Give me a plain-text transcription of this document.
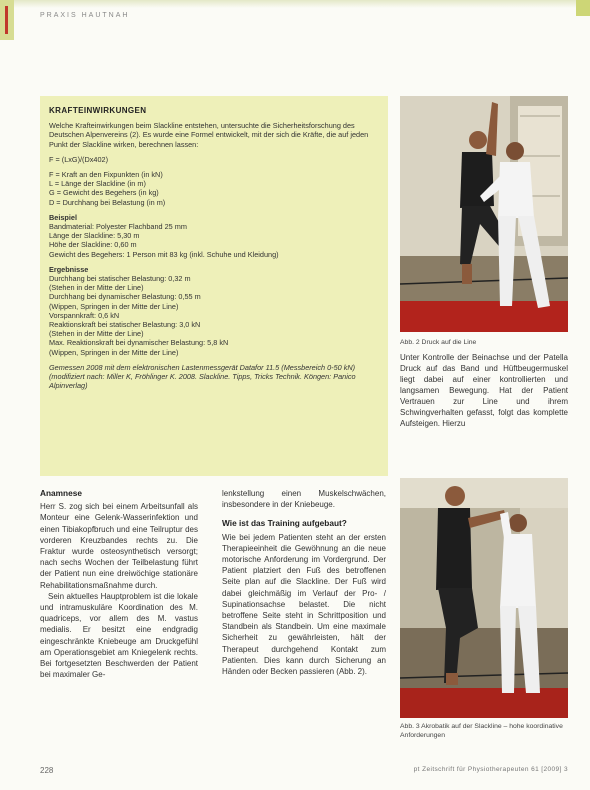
PRAXIS HAUTNAH
KRAFTEINWIRKUNGEN

Welche Krafteinwirkungen beim Slackline entstehen, untersuchte die Sicherheitsforschung des Deutschen Alpenvereins (2). Es wurde eine Formel entwickelt, mit der sich die Kräfte, die auf jeden Punkt der Slackline wirken, berechnen lassen:

F = (LxG)/(Dx402)

F = Kraft an den Fixpunkten (in kN)
L = Länge der Slackline (in m)
G = Gewicht des Begehers (in kg)
D = Durchhang bei Belastung (in m)

Beispiel
Bandmaterial: Polyester Flachband 25 mm
Länge der Slackline: 5,30 m
Höhe der Slackline: 0,60 m
Gewicht des Begehers: 1 Person mit 83 kg (inkl. Schuhe und Kleidung)

Ergebnisse
Durchhang bei statischer Belastung: 0,32 m
(Stehen in der Mitte der Line)
Durchhang bei dynamischer Belastung: 0,55 m
(Wippen, Springen in der Mitte der Line)
Vorspannkraft: 0,6 kN
Reaktionskraft bei statischer Belastung: 3,0 kN
(Stehen in der Mitte der Line)
Max. Reaktionskraft bei dynamischer Belastung: 5,8 kN
(Wippen, Springen in der Mitte der Line)

Gemessen 2008 mit dem elektronischen Lastenmessgerät Datafor 11.5 (Messbereich 0-50 kN) (modifiziert nach: Miller K, Fröhlinger K. 2008. Slackline. Tipps, Tricks Technik. Köngen: Panico Alpinverlag)

Abb. 2 Druck auf die Line
Unter Kontrolle der Beinachse und der Patella Druck auf das Band und Hüftbeugermuskel liegt dabei auf einer kontrollierten und langsamen Bewegung. Hat der Patient Vertrauen zur Line und ihrem Schwingverhalten gefasst, folgt das komplette Aufsteigen. Hierzu
Abb. 3 Akrobatik auf der Slackline – hohe koordinative Anforderungen
Anamnese

Herr S. zog sich bei einem Arbeitsunfall als Monteur eine Gelenk-Wasserinfektion und einen Tibiakopfbruch und eine Teilruptur des vorderen Kreuzbandes rechts zu. Die Fraktur wurde osteosynthetisch versorgt; nach sechs Wochen der Teilbelastung führt der Patient nun eine dreiwöchige stationäre Rehabilitationsmaßnahme durch.

Sein aktuelles Hauptproblem ist die lokale und intramuskuläre Koordination des M. quadriceps, vor allem des M. vastus medialis. Er besitzt eine endgradig eingeschränkte Kniebeuge am Druckgefühl am Operationsgebiet am Kniegelenk rechts. Bei fortgesetzten Beschwerden der Patient bei maximaler Ge-

lenkstellung einen Muskelschwächen, insbesondere in der Kniebeuge.

Wie ist das Training aufgebaut?

Wie bei jedem Patienten steht an der ersten Therapieeinheit die Gewöhnung an die neue motorische Anforderung im Vordergrund. Der Patient platziert den Fuß des betroffenen Seite plan auf die Slackline. Der Fuß wird dabei gleichmäßig im Verlauf der Pro- / Supinationsachse belastet. Die nicht betroffene Seite steht in Schrittposition und Standbein als Standbein. Um eine maximale Sicherheit zu gewährleisten, hält der Therapeut durchgehend Kontakt zum Patienten. Dies kann durch Sicherung an Händen oder Becken passieren (Abb. 2).

228	pt Zeitschrift für Physiotherapeuten 61 [2009] 3
